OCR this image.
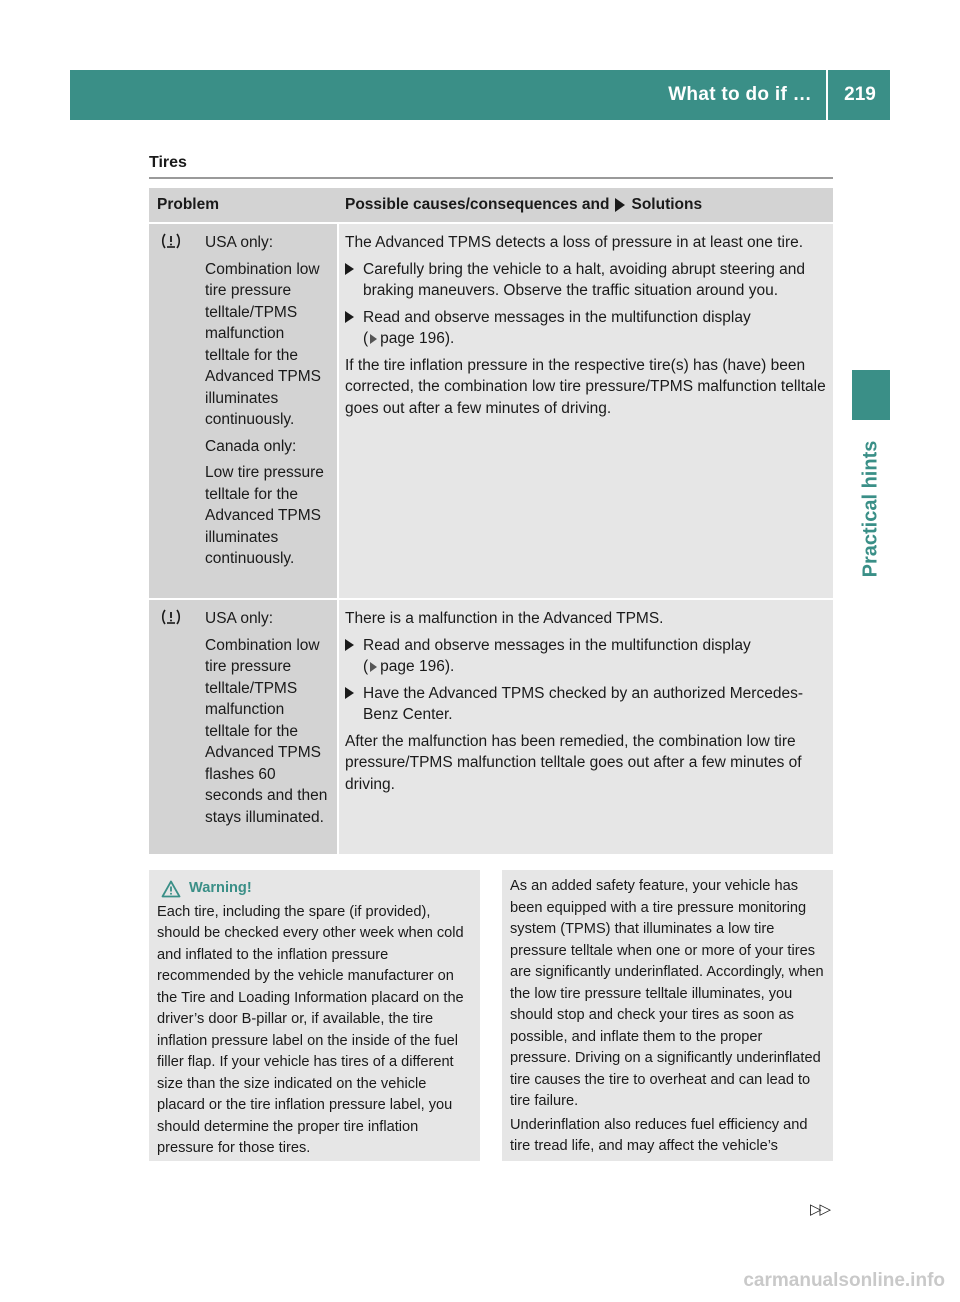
What to do if …	219
Practical hints
Tires
Problem	Possible causes/consequences and Solutions

USA only:

Combination low tire pressure telltale/TPMS malfunction telltale for the Advanced TPMS illuminates continuously.

Canada only:

Low tire pressure telltale for the Advanced TPMS illuminates continuously.

The Advanced TPMS detects a loss of pressure in at least one tire.

Carefully bring the vehicle to a halt, avoiding abrupt steering and braking maneuvers. Observe the traffic situation around you.
Read and observe messages in the multifunction display
( page 196).

If the tire inflation pressure in the respective tire(s) has (have) been corrected, the combination low tire pressure/TPMS malfunction telltale goes out after a few minutes of driving.

USA only:

Combination low tire pressure telltale/TPMS malfunction telltale for the Advanced TPMS flashes 60 seconds and then stays illuminated.

There is a malfunction in the Advanced TPMS.

Read and observe messages in the multifunction display
( page 196).
Have the Advanced TPMS checked by an authorized Mercedes-Benz Center.

After the malfunction has been remedied, the combination low tire pressure/TPMS malfunction telltale goes out after a few minutes of driving.

Warning!

Each tire, including the spare (if provided), should be checked every other week when cold and inflated to the inflation pressure recommended by the vehicle manufacturer on the Tire and Loading Information placard on the driver’s door B-pillar or, if available, the tire inflation pressure label on the inside of the fuel filler flap. If your vehicle has tires of a different size than the size indicated on the vehicle placard or the tire inflation pressure label, you should determine the proper tire inflation pressure for those tires.

As an added safety feature, your vehicle has been equipped with a tire pressure monitoring system (TPMS) that illuminates a low tire pressure telltale when one or more of your tires are significantly underinflated. Accordingly, when the low tire pressure telltale illuminates, you should stop and check your tires as soon as possible, and inflate them to the proper pressure. Driving on a significantly underinflated tire causes the tire to overheat and can lead to tire failure.

Underinflation also reduces fuel efficiency and tire tread life, and may affect the vehicle’s

▷▷
carmanualsonline.info
